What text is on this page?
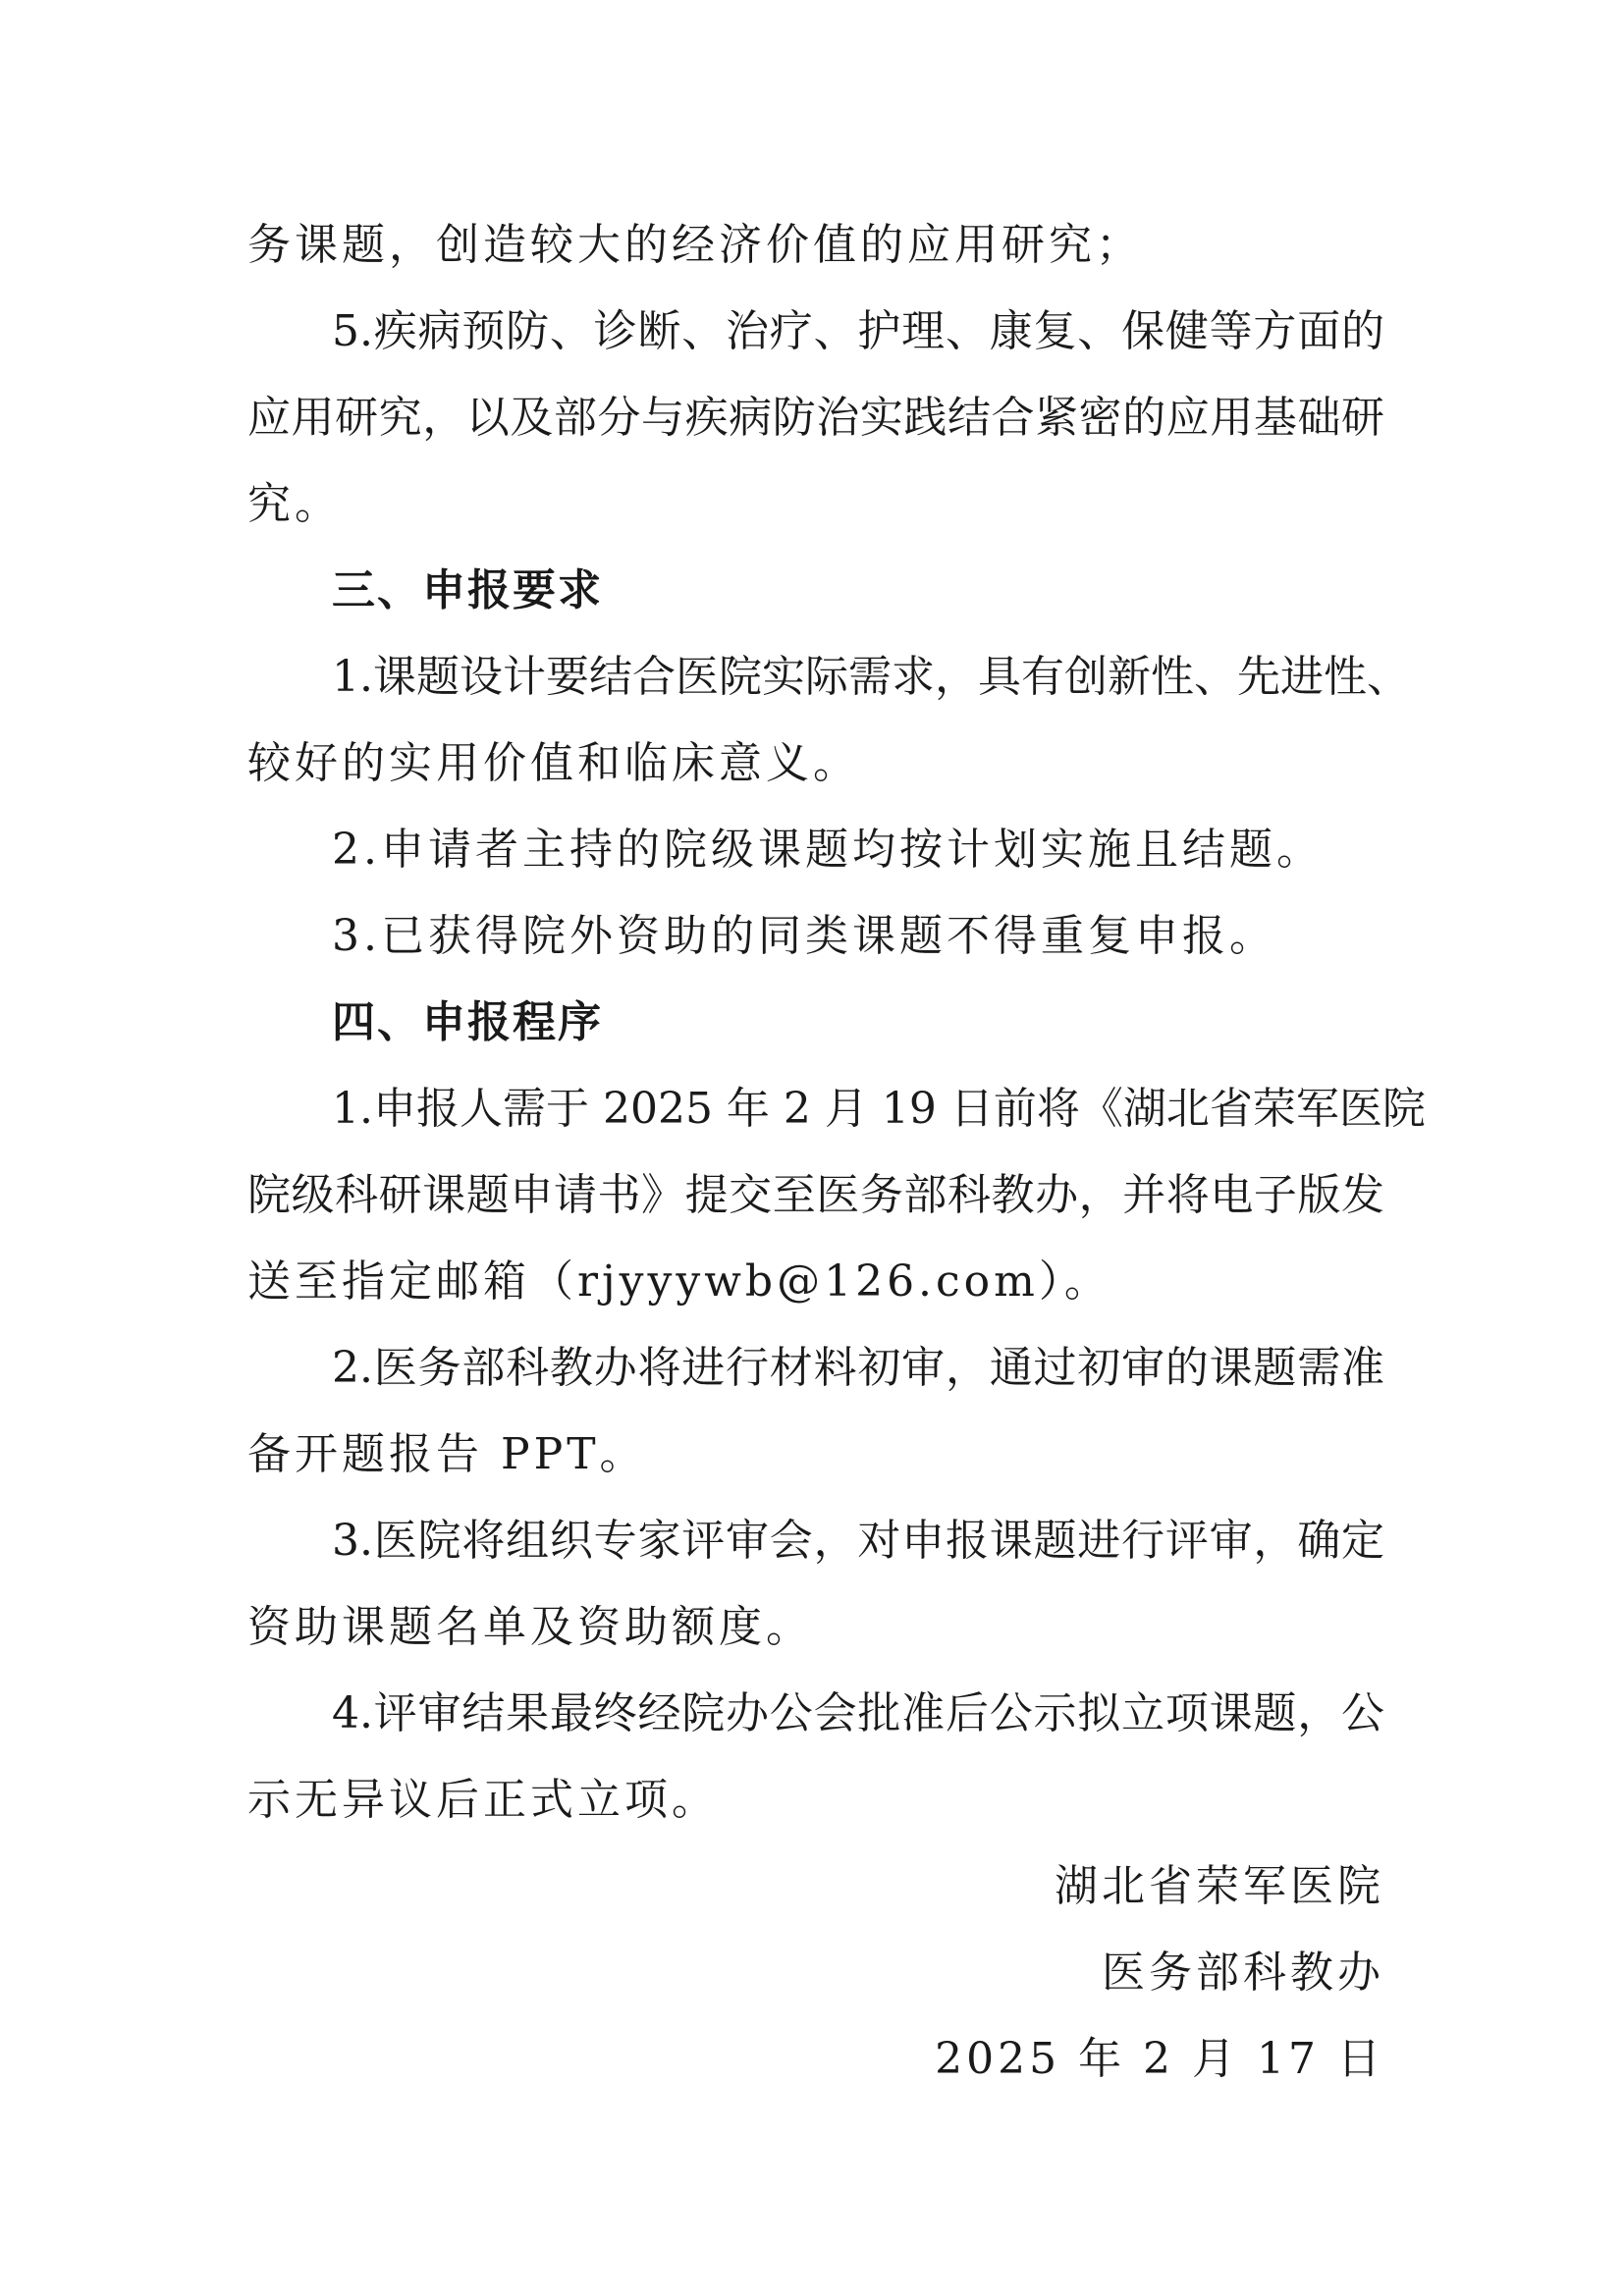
务课题，创造较大的经济价值的应用研究；
5.疾病预防、诊断、治疗、护理、康复、保健等方面的
应用研究，以及部分与疾病防治实践结合紧密的应用基础研
究。
三、申报要求
1.课题设计要结合医院实际需求，具有创新性、先进性、
较好的实用价值和临床意义。
2.申请者主持的院级课题均按计划实施且结题。
3.已获得院外资助的同类课题不得重复申报。
四、申报程序
1.申报人需于 2025 年 2 月 19 日前将《湖北省荣军医院
院级科研课题申请书》提交至医务部科教办，并将电子版发
送至指定邮箱（rjyyywb@126.com）。
2.医务部科教办将进行材料初审，通过初审的课题需准
备开题报告 PPT。
3.医院将组织专家评审会，对申报课题进行评审，确定
资助课题名单及资助额度。
4.评审结果最终经院办公会批准后公示拟立项课题，公
示无异议后正式立项。
湖北省荣军医院
医务部科教办
2025 年 2 月 17 日
